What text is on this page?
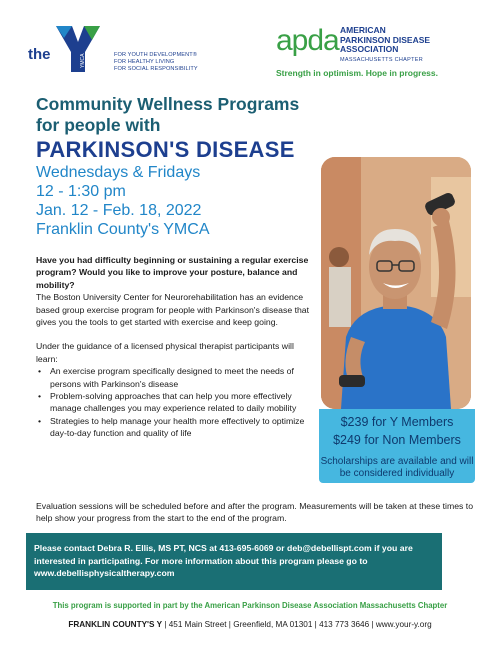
the	YMCA	FOR YOUTH DEVELOPMENT®
FOR HEALTHY LIVING
FOR SOCIAL RESPONSIBILITY
apda AMERICAN
PARKINSON DISEASE
ASSOCIATION
MASSACHUSETTS CHAPTER
Strength in optimism. Hope in progress.
Community Wellness Programs
for people with
PARKINSON'S DISEASE
Wednesdays & Fridays
12 - 1:30 pm
Jan. 12 - Feb. 18, 2022
Franklin County's YMCA
$239 for Y Members
$249 for Non Members
Scholarships are available and will be considered individually

Have you had difficulty beginning or sustaining a regular exercise program? Would you like to improve your posture, balance and mobility?

The Boston University Center for Neurorehabilitation has an evidence based group exercise program for people with Parkinson's disease that gives you the tools to get started with exercise and keep going.

Under the guidance of a licensed physical therapist participants will learn:

• An exercise program specifically designed to meet the needs of persons with Parkinson's disease
• Problem-solving approaches that can help you more effectively manage challenges you may experience related to daily mobility
• Strategies to help manage your health more effectively to optimize day-to-day function and quality of life
Evaluation sessions will be scheduled before and after the program. Measurements will be taken at these times to help show your progress from the start to the end of the program.
Please contact Debra R. Ellis, MS PT, NCS at 413-695-6069 or deb@debellispt.com if you are interested in participating. For more information about this program please go to www.debellisphysicaltherapy.com
This program is supported in part by the American Parkinson Disease Association Massachusetts Chapter
FRANKLIN COUNTY'S Y | 451 Main Street | Greenfield, MA 01301 | 413 773 3646 | www.your-y.org
